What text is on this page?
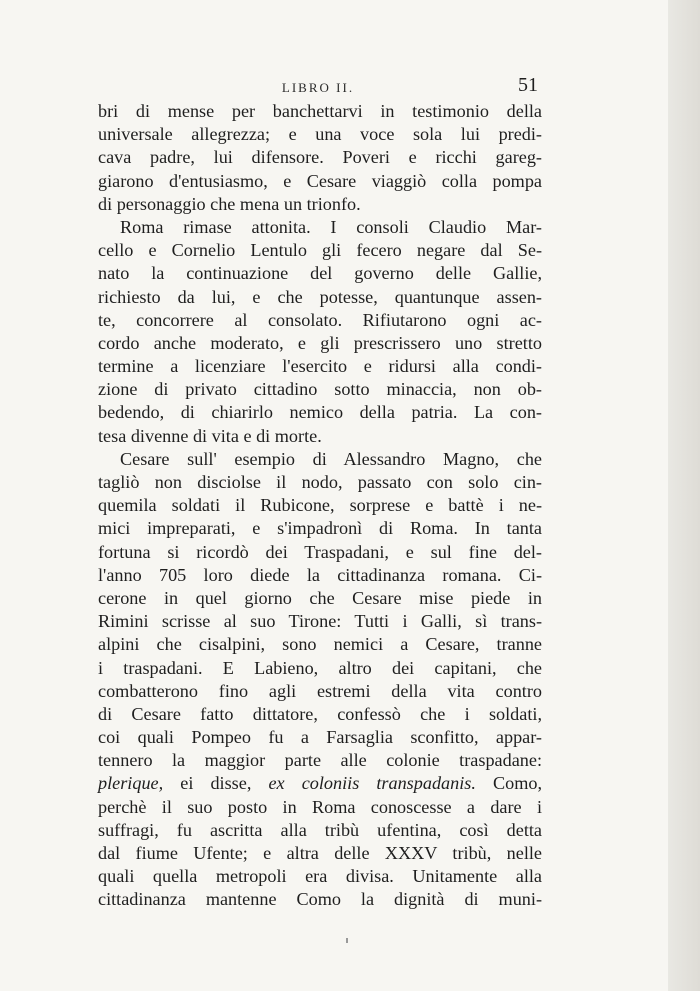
LIBRO II.	51
bri di mense per banchettarvi in testimonio della
universale allegrezza; e una voce sola lui predi-
cava padre, lui difensore. Poveri e ricchi gareg-
giarono d'entusiasmo, e Cesare viaggiò colla pompa
di personaggio che mena un trionfo.
Roma rimase attonita. I consoli Claudio Mar-
cello e Cornelio Lentulo gli fecero negare dal Se-
nato la continuazione del governo delle Gallie,
richiesto da lui, e che potesse, quantunque assen-
te, concorrere al consolato. Rifiutarono ogni ac-
cordo anche moderato, e gli prescrissero uno stretto
termine a licenziare l'esercito e ridursi alla condi-
zione di privato cittadino sotto minaccia, non ob-
bedendo, di chiarirlo nemico della patria. La con-
tesa divenne di vita e di morte.
Cesare sull' esempio di Alessandro Magno, che
tagliò non disciolse il nodo, passato con solo cin-
quemila soldati il Rubicone, sorprese e battè i ne-
mici impreparati, e s'impadronì di Roma. In tanta
fortuna si ricordò dei Traspadani, e sul fine del-
l'anno 705 loro diede la cittadinanza romana. Ci-
cerone in quel giorno che Cesare mise piede in
Rimini scrisse al suo Tirone: Tutti i Galli, sì trans-
alpini che cisalpini, sono nemici a Cesare, tranne
i traspadani. E Labieno, altro dei capitani, che
combatterono fino agli estremi della vita contro
di Cesare fatto dittatore, confessò che i soldati,
coi quali Pompeo fu a Farsaglia sconfitto, appar-
tennero la maggior parte alle colonie traspadane:
plerique, ei disse, ex coloniis transpadanis. Como,
perchè il suo posto in Roma conoscesse a dare i
suffragi, fu ascritta alla tribù ufentina, così detta
dal fiume Ufente; e altra delle XXXV tribù, nelle
quali quella metropoli era divisa. Unitamente alla
cittadinanza mantenne Como la dignità di muni-
